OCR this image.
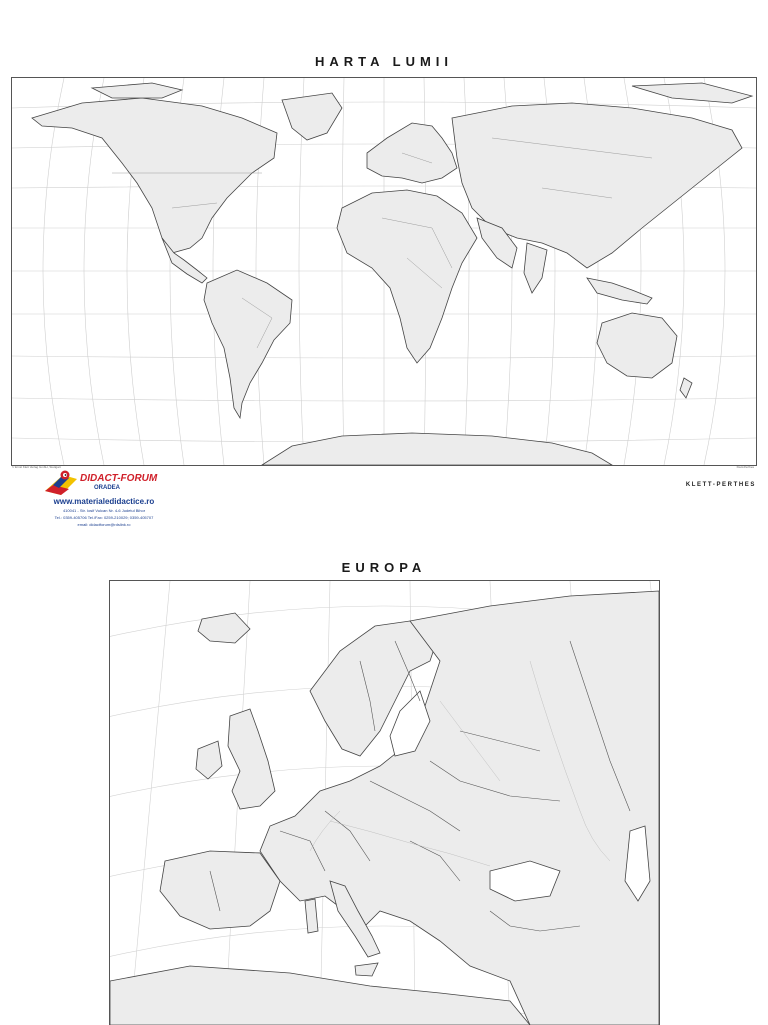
HARTA LUMII
© Ernst Klett Verlag GmbH, Stuttgart	Klett-Perthes
DIDACT-FORUM
ORADEA
www.materialedidactice.ro
410041 - Str. Iosif Vulcan Nr. 4-6 Judetul Bihor
Tel.: 0359-405706 Tel./Fax: 0259-210029; 0359-405707
email: didactforum@rdslink.ro
KLETT-PERTHES
EUROPA
